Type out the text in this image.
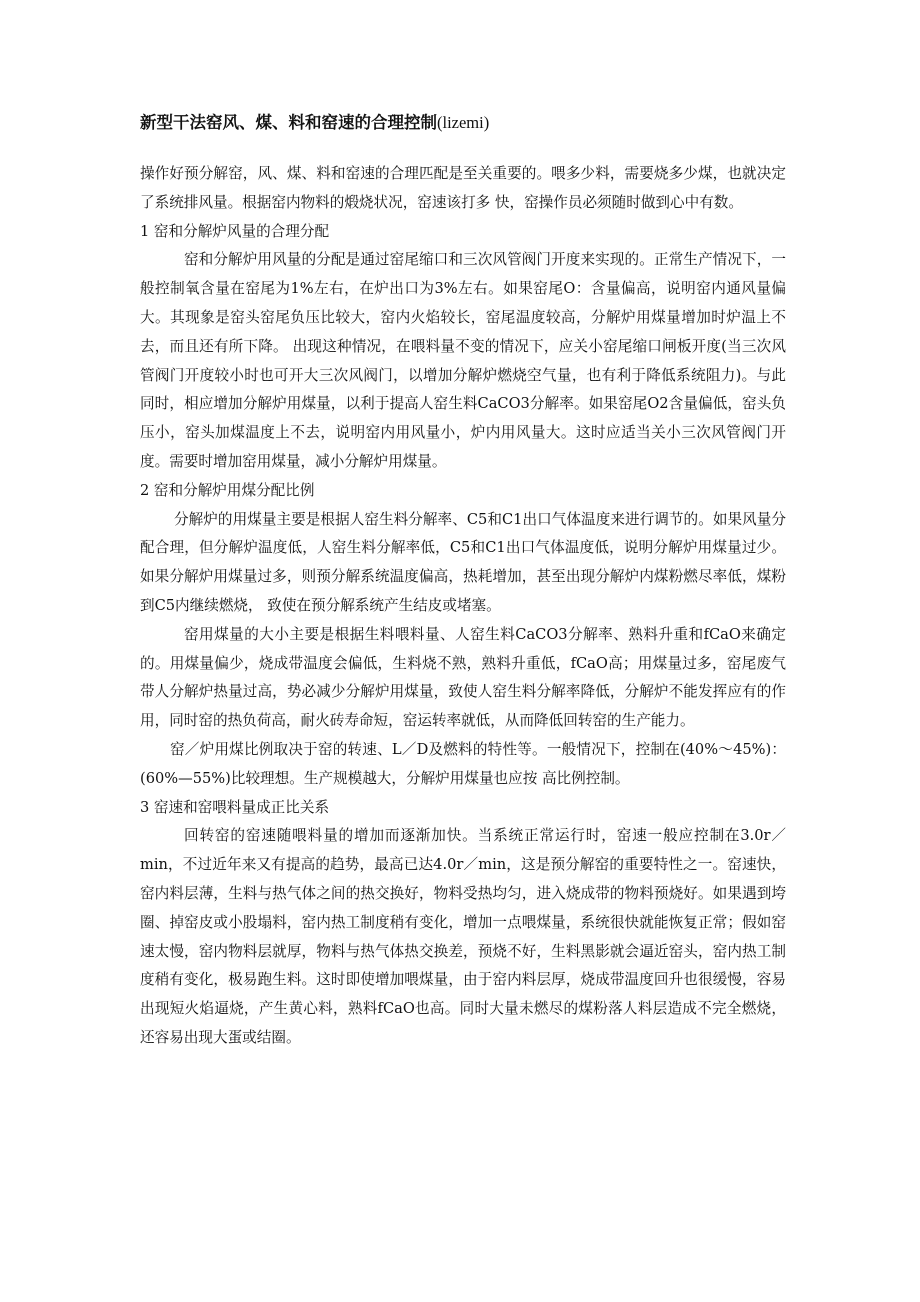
新型干法窑风、煤、料和窑速的合理控制(lizemi)

操作好预分解窑，风、煤、料和窑速的合理匹配是至关重要的。喂多少料，需要烧多少煤，也就决定了系统排风量。根据窑内物料的煅烧状况，窑速该打多 快，窑操作员必须随时做到心中有数。

1 窑和分解炉风量的合理分配

窑和分解炉用风量的分配是通过窑尾缩口和三次风管阀门开度来实现的。正常生产情况下，一般控制氧含量在窑尾为1%左右，在炉出口为3%左右。如果窑尾O：含量偏高，说明窑内通风量偏大。其现象是窑头窑尾负压比较大，窑内火焰较长，窑尾温度较高，分解炉用煤量增加时炉温上不去，而且还有所下降。 出现这种情况，在喂料量不变的情况下，应关小窑尾缩口闸板开度(当三次风管阀门开度较小时也可开大三次风阀门，以增加分解炉燃烧空气量，也有利于降低系统阻力)。与此同时，相应增加分解炉用煤量，以利于提高人窑生料CaCO3分解率。如果窑尾O2含量偏低，窑头负压小，窑头加煤温度上不去，说明窑内用风量小，炉内用风量大。这时应适当关小三次风管阀门开度。需要时增加窑用煤量，减小分解炉用煤量。

2 窑和分解炉用煤分配比例

分解炉的用煤量主要是根据人窑生料分解率、C5和C1出口气体温度来进行调节的。如果风量分配合理，但分解炉温度低，人窑生料分解率低，C5和C1出口气体温度低，说明分解炉用煤量过少。如果分解炉用煤量过多，则预分解系统温度偏高，热耗增加，甚至出现分解炉内煤粉燃尽率低，煤粉到C5内继续燃烧， 致使在预分解系统产生结皮或堵塞。

窑用煤量的大小主要是根据生料喂料量、人窑生料CaCO3分解率、熟料升重和fCaO来确定的。用煤量偏少，烧成带温度会偏低，生料烧不熟，熟料升重低，fCaO高；用煤量过多，窑尾废气带人分解炉热量过高，势必减少分解炉用煤量，致使人窑生料分解率降低，分解炉不能发挥应有的作用，同时窑的热负荷高，耐火砖寿命短，窑运转率就低，从而降低回转窑的生产能力。

窑／炉用煤比例取决于窑的转速、L／D及燃料的特性等。一般情况下，控制在(40%～45%)：(60%—55%)比较理想。生产规模越大，分解炉用煤量也应按 高比例控制。

3 窑速和窑喂料量成正比关系

回转窑的窑速随喂料量的增加而逐渐加快。当系统正常运行时，窑速一般应控制在3.0r／min，不过近年来又有提高的趋势，最高已达4.0r／min，这是预分解窑的重要特性之一。窑速快，窑内料层薄，生料与热气体之间的热交换好，物料受热均匀，进入烧成带的物料预烧好。如果遇到垮圈、掉窑皮或小股塌料，窑内热工制度稍有变化，增加一点喂煤量，系统很快就能恢复正常；假如窑速太慢，窑内物料层就厚，物料与热气体热交换差，预烧不好，生料黑影就会逼近窑头，窑内热工制度稍有变化，极易跑生料。这时即使增加喂煤量，由于窑内料层厚，烧成带温度回升也很缓慢，容易出现短火焰逼烧，产生黄心料，熟料fCaO也高。同时大量未燃尽的煤粉落人料层造成不完全燃烧，还容易出现大蛋或结圈。
